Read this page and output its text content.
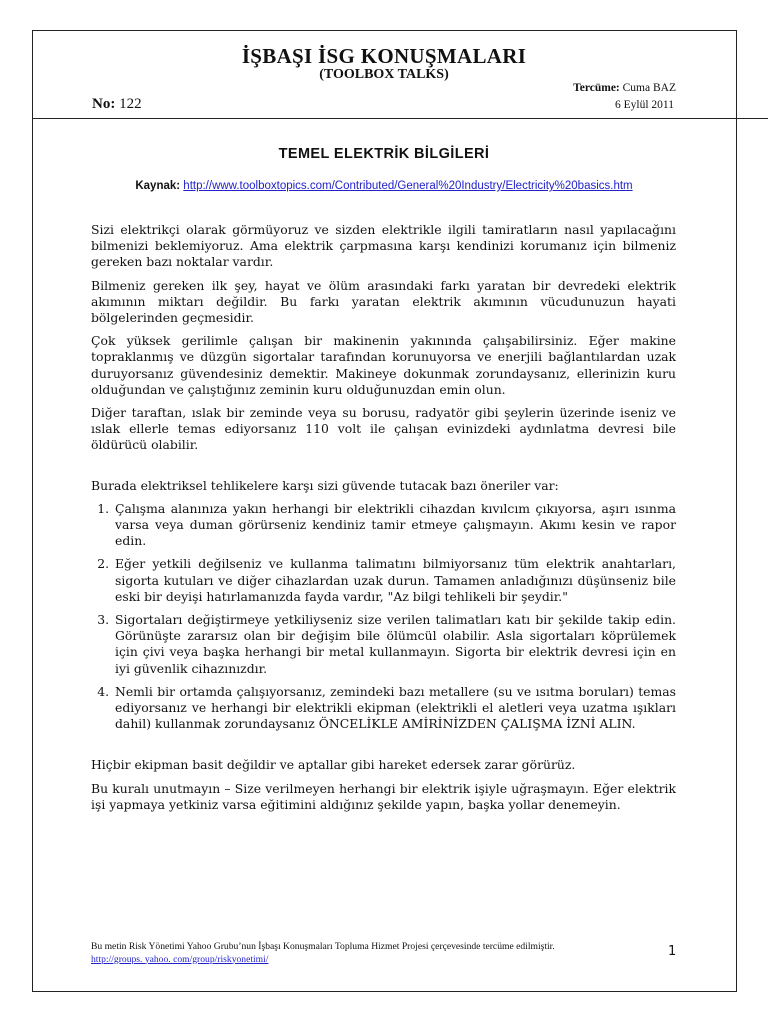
İŞBAŞI İSG KONUŞMALARI
(TOOLBOX TALKS)
No: 122
Tercüme: Cuma BAZ
6 Eylül 2011
TEMEL ELEKTRİK BİLGİLERİ
Kaynak: http://www.toolboxtopics.com/Contributed/General%20Industry/Electricity%20basics.htm

Sizi elektrikçi olarak görmüyoruz ve sizden elektrikle ilgili tamiratların nasıl yapılacağını bilmenizi beklemiyoruz. Ama elektrik çarpmasına karşı kendinizi korumanız için bilmeniz gereken bazı noktalar vardır.

Bilmeniz gereken ilk şey, hayat ve ölüm arasındaki farkı yaratan bir devredeki elektrik akımının miktarı değildir. Bu farkı yaratan elektrik akımının vücudunuzun hayati bölgelerinden geçmesidir.

Çok yüksek gerilimle çalışan bir makinenin yakınında çalışabilirsiniz. Eğer makine topraklanmış ve düzgün sigortalar tarafından korunuyorsa ve enerjili bağlantılardan uzak duruyorsanız güvendesiniz demektir. Makineye dokunmak zorundaysanız, ellerinizin kuru olduğundan ve çalıştığınız zeminin kuru olduğunuzdan emin olun.

Diğer taraftan, ıslak bir zeminde veya su borusu, radyatör gibi şeylerin üzerinde iseniz ve ıslak ellerle temas ediyorsanız 110 volt ile çalışan evinizdeki aydınlatma devresi bile öldürücü olabilir.

Burada elektriksel tehlikelere karşı sizi güvende tutacak bazı öneriler var:

1. Çalışma alanınıza yakın herhangi bir elektrikli cihazdan kıvılcım çıkıyorsa, aşırı ısınma varsa veya duman görürseniz kendiniz tamir etmeye çalışmayın. Akımı kesin ve rapor edin.
2. Eğer yetkili değilseniz ve kullanma talimatını bilmiyorsanız tüm elektrik anahtarları, sigorta kutuları ve diğer cihazlardan uzak durun. Tamamen anladığınızı düşünseniz bile eski bir deyişi hatırlamanızda fayda vardır, "Az bilgi tehlikeli bir şeydir."
3. Sigortaları değiştirmeye yetkiliyseniz size verilen talimatları katı bir şekilde takip edin. Görünüşte zararsız olan bir değişim bile ölümcül olabilir. Asla sigortaları köprülemek için çivi veya başka herhangi bir metal kullanmayın. Sigorta bir elektrik devresi için en iyi güvenlik cihazınızdır.
4. Nemli bir ortamda çalışıyorsanız, zemindeki bazı metallere (su ve ısıtma boruları) temas ediyorsanız ve herhangi bir elektrikli ekipman (elektrikli el aletleri veya uzatma ışıkları dahil) kullanmak zorundaysanız ÖNCELİKLE AMİRİNİZDEN ÇALIŞMA İZNİ ALIN.

Hiçbir ekipman basit değildir ve aptallar gibi hareket edersek zarar görürüz.

Bu kuralı unutmayın – Size verilmeyen herhangi bir elektrik işiyle uğraşmayın. Eğer elektrik işi yapmaya yetkiniz varsa eğitimini aldığınız şekilde yapın, başka yollar denemeyin.

Bu metin Risk Yönetimi Yahoo Grubu’nun İşbaşı Konuşmaları Topluma Hizmet Projesi çerçevesinde tercüme edilmiştir.
http://groups. yahoo. com/group/riskyonetimi/	1
